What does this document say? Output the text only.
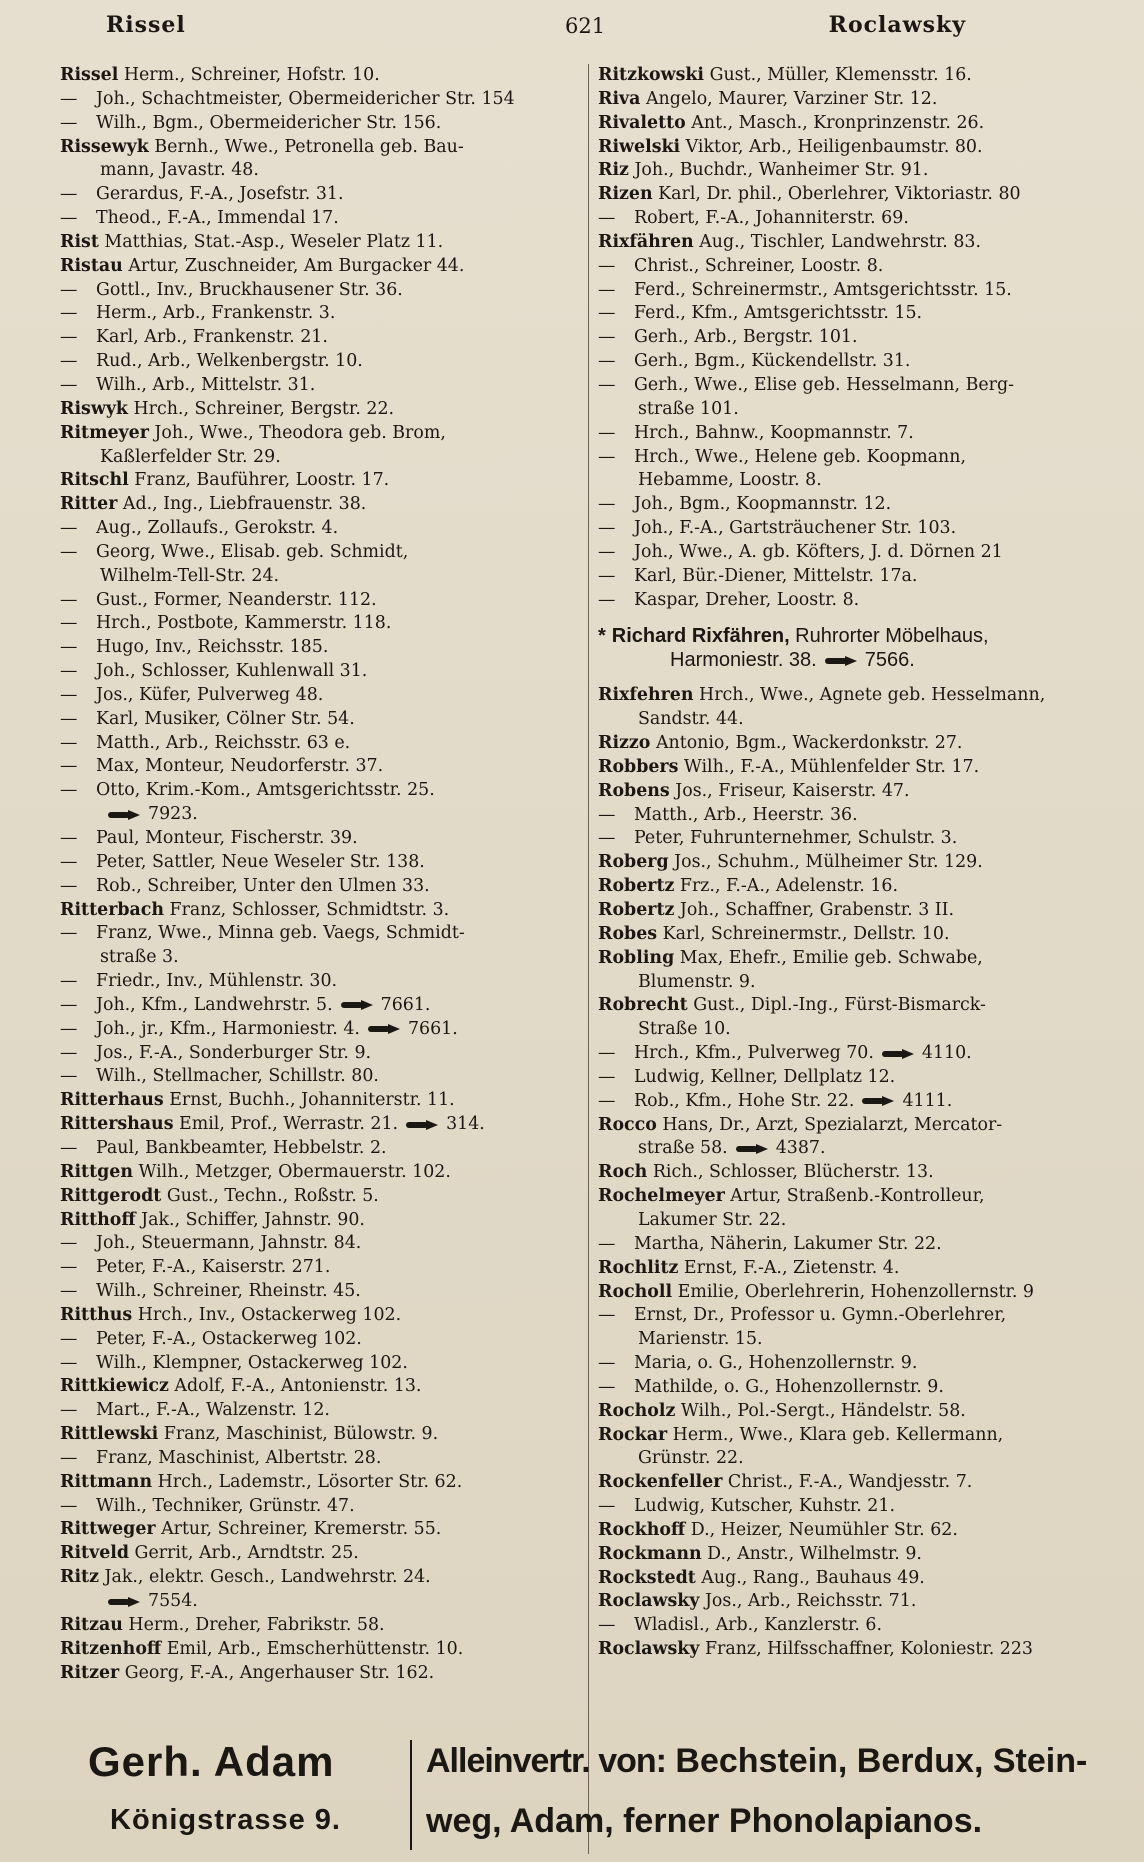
Rissel	621	Roclawsky
Rissel Herm., Schreiner, Hofstr. 10.
— Joh., Schachtmeister, Obermeidericher Str. 154
— Wilh., Bgm., Obermeidericher Str. 156.
Rissewyk Bernh., Wwe., Petronella geb. Bau-
mann, Javastr. 48.
— Gerardus, F.-A., Josefstr. 31.
— Theod., F.-A., Immendal 17.
Rist Matthias, Stat.-Asp., Weseler Platz 11.
Ristau Artur, Zuschneider, Am Burgacker 44.
— Gottl., Inv., Bruckhausener Str. 36.
— Herm., Arb., Frankenstr. 3.
— Karl, Arb., Frankenstr. 21.
— Rud., Arb., Welkenbergstr. 10.
— Wilh., Arb., Mittelstr. 31.
Riswyk Hrch., Schreiner, Bergstr. 22.
Ritmeyer Joh., Wwe., Theodora geb. Brom,
Kaßlerfelder Str. 29.
Ritschl Franz, Bauführer, Loostr. 17.
Ritter Ad., Ing., Liebfrauenstr. 38.
— Aug., Zollaufs., Gerokstr. 4.
— Georg, Wwe., Elisab. geb. Schmidt,
Wilhelm-Tell-Str. 24.
— Gust., Former, Neanderstr. 112.
— Hrch., Postbote, Kammerstr. 118.
— Hugo, Inv., Reichsstr. 185.
— Joh., Schlosser, Kuhlenwall 31.
— Jos., Küfer, Pulverweg 48.
— Karl, Musiker, Cölner Str. 54.
— Matth., Arb., Reichsstr. 63 e.
— Max, Monteur, Neudorferstr. 37.
— Otto, Krim.-Kom., Amtsgerichtsstr. 25.
7923.
— Paul, Monteur, Fischerstr. 39.
— Peter, Sattler, Neue Weseler Str. 138.
— Rob., Schreiber, Unter den Ulmen 33.
Ritterbach Franz, Schlosser, Schmidtstr. 3.
— Franz, Wwe., Minna geb. Vaegs, Schmidt-
straße 3.
— Friedr., Inv., Mühlenstr. 30.
— Joh., Kfm., Landwehrstr. 5.	7661.
— Joh., jr., Kfm., Harmoniestr. 4.	7661.
— Jos., F.-A., Sonderburger Str. 9.
— Wilh., Stellmacher, Schillstr. 80.
Ritterhaus Ernst, Buchh., Johanniterstr. 11.
Rittershaus Emil, Prof., Werrastr. 21.	314.
— Paul, Bankbeamter, Hebbelstr. 2.
Rittgen Wilh., Metzger, Obermauerstr. 102.
Rittgerodt Gust., Techn., Roßstr. 5.
Ritthoff Jak., Schiffer, Jahnstr. 90.
— Joh., Steuermann, Jahnstr. 84.
— Peter, F.-A., Kaiserstr. 271.
— Wilh., Schreiner, Rheinstr. 45.
Ritthus Hrch., Inv., Ostackerweg 102.
— Peter, F.-A., Ostackerweg 102.
— Wilh., Klempner, Ostackerweg 102.
Rittkiewicz Adolf, F.-A., Antonienstr. 13.
— Mart., F.-A., Walzenstr. 12.
Rittlewski Franz, Maschinist, Bülowstr. 9.
— Franz, Maschinist, Albertstr. 28.
Rittmann Hrch., Lademstr., Lösorter Str. 62.
— Wilh., Techniker, Grünstr. 47.
Rittweger Artur, Schreiner, Kremerstr. 55.
Ritveld Gerrit, Arb., Arndtstr. 25.
Ritz Jak., elektr. Gesch., Landwehrstr. 24.
7554.
Ritzau Herm., Dreher, Fabrikstr. 58.
Ritzenhoff Emil, Arb., Emscherhüttenstr. 10.
Ritzer Georg, F.-A., Angerhauser Str. 162.
Ritzkowski Gust., Müller, Klemensstr. 16.
Riva Angelo, Maurer, Varziner Str. 12.
Rivaletto Ant., Masch., Kronprinzenstr. 26.
Riwelski Viktor, Arb., Heiligenbaumstr. 80.
Riz Joh., Buchdr., Wanheimer Str. 91.
Rizen Karl, Dr. phil., Oberlehrer, Viktoriastr. 80
— Robert, F.-A., Johanniterstr. 69.
Rixfähren Aug., Tischler, Landwehrstr. 83.
— Christ., Schreiner, Loostr. 8.
— Ferd., Schreinermstr., Amtsgerichtsstr. 15.
— Ferd., Kfm., Amtsgerichtsstr. 15.
— Gerh., Arb., Bergstr. 101.
— Gerh., Bgm., Kückendellstr. 31.
— Gerh., Wwe., Elise geb. Hesselmann, Berg-
straße 101.
— Hrch., Bahnw., Koopmannstr. 7.
— Hrch., Wwe., Helene geb. Koopmann,
Hebamme, Loostr. 8.
— Joh., Bgm., Koopmannstr. 12.
— Joh., F.-A., Gartsträuchener Str. 103.
— Joh., Wwe., A. gb. Köfters, J. d. Dörnen 21
— Karl, Bür.-Diener, Mittelstr. 17a.
— Kaspar, Dreher, Loostr. 8.
* Richard Rixfähren, Ruhrorter Möbelhaus,
Harmoniestr. 38. 7566.
Rixfehren Hrch., Wwe., Agnete geb. Hesselmann,
Sandstr. 44.
Rizzo Antonio, Bgm., Wackerdonkstr. 27.
Robbers Wilh., F.-A., Mühlenfelder Str. 17.
Robens Jos., Friseur, Kaiserstr. 47.
— Matth., Arb., Heerstr. 36.
— Peter, Fuhrunternehmer, Schulstr. 3.
Roberg Jos., Schuhm., Mülheimer Str. 129.
Robertz Frz., F.-A., Adelenstr. 16.
Robertz Joh., Schaffner, Grabenstr. 3 II.
Robes Karl, Schreinermstr., Dellstr. 10.
Robling Max, Ehefr., Emilie geb. Schwabe,
Blumenstr. 9.
Robrecht Gust., Dipl.-Ing., Fürst-Bismarck-
Straße 10.
— Hrch., Kfm., Pulverweg 70.	4110.
— Ludwig, Kellner, Dellplatz 12.
— Rob., Kfm., Hohe Str. 22.	4111.
Rocco Hans, Dr., Arzt, Spezialarzt, Mercator-
straße 58.	4387.
Roch Rich., Schlosser, Blücherstr. 13.
Rochelmeyer Artur, Straßenb.-Kontrolleur,
Lakumer Str. 22.
— Martha, Näherin, Lakumer Str. 22.
Rochlitz Ernst, F.-A., Zietenstr. 4.
Rocholl Emilie, Oberlehrerin, Hohenzollernstr. 9
— Ernst, Dr., Professor u. Gymn.-Oberlehrer,
Marienstr. 15.
— Maria, o. G., Hohenzollernstr. 9.
— Mathilde, o. G., Hohenzollernstr. 9.
Rocholz Wilh., Pol.-Sergt., Händelstr. 58.
Rockar Herm., Wwe., Klara geb. Kellermann,
Grünstr. 22.
Rockenfeller Christ., F.-A., Wandjesstr. 7.
— Ludwig, Kutscher, Kuhstr. 21.
Rockhoff D., Heizer, Neumühler Str. 62.
Rockmann D., Anstr., Wilhelmstr. 9.
Rockstedt Aug., Rang., Bauhaus 49.
Roclawsky Jos., Arb., Reichsstr. 71.
— Wladisl., Arb., Kanzlerstr. 6.
Roclawsky Franz, Hilfsschaffner, Koloniestr. 223
Gerh. Adam
Königstrasse 9.
Alleinvertr. von: Bechstein, Berdux, Stein-
weg, Adam, ferner Phonolapianos.
